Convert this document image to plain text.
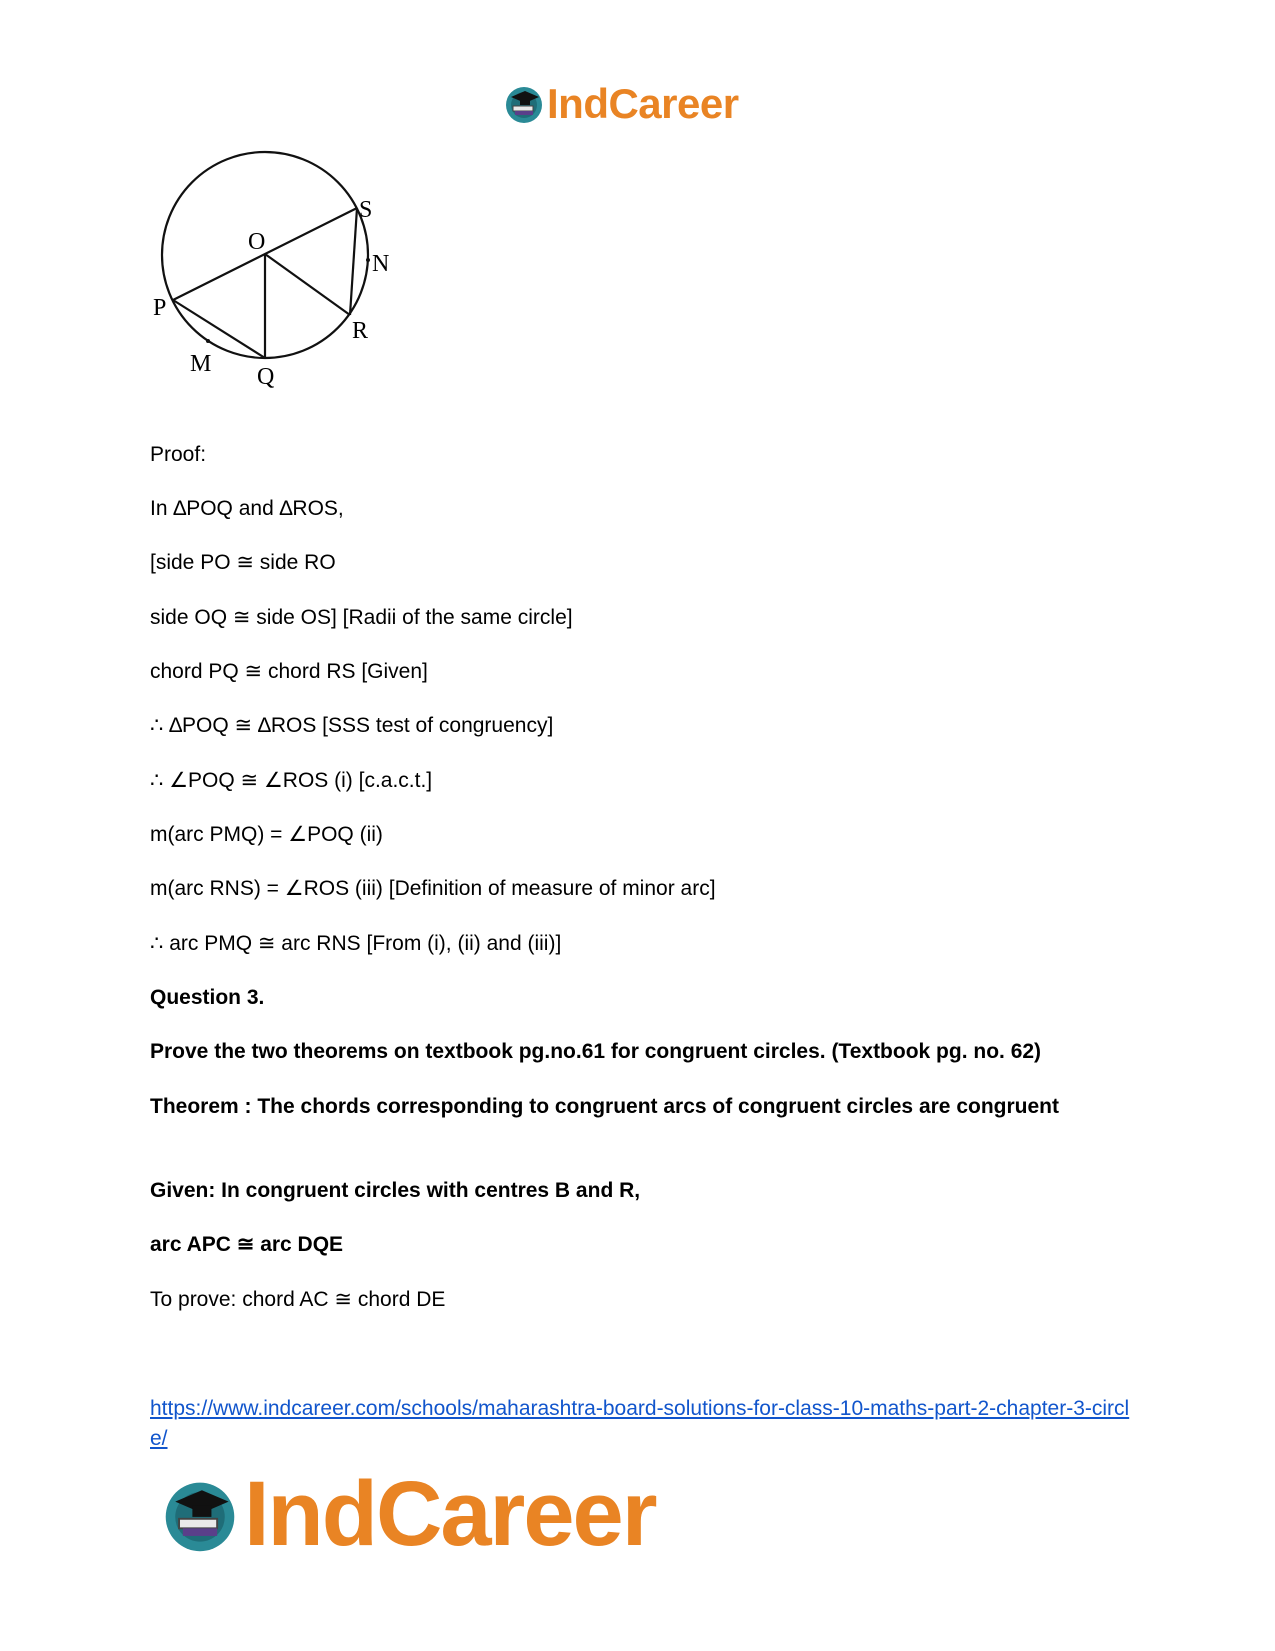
IndCareer
O
S
N
P
R
M Q
Proof:
In ∆POQ and ∆ROS,
[side PO ≅ side RO
side OQ ≅ side OS] [Radii of the same circle]
chord PQ ≅ chord RS [Given]
∴ ∆POQ ≅ ∆ROS [SSS test of congruency]
∴ ∠POQ ≅ ∠ROS (i) [c.a.c.t.]
m(arc PMQ) = ∠POQ (ii)
m(arc RNS) = ∠ROS (iii) [Definition of measure of minor arc]
∴ arc PMQ ≅ arc RNS [From (i), (ii) and (iii)]
Question 3.
Prove the two theorems on textbook pg.no.61 for congruent circles. (Textbook pg. no. 62)
Theorem : The chords corresponding to congruent arcs of congruent circles are congruent
Given: In congruent circles with centres B and R,
arc APC ≅ arc DQE
To prove: chord AC ≅ chord DE
https://www.indcareer.com/schools/maharashtra-board-solutions-for-class-10-maths-part-2-chapter-3-circle/
IndCareer
